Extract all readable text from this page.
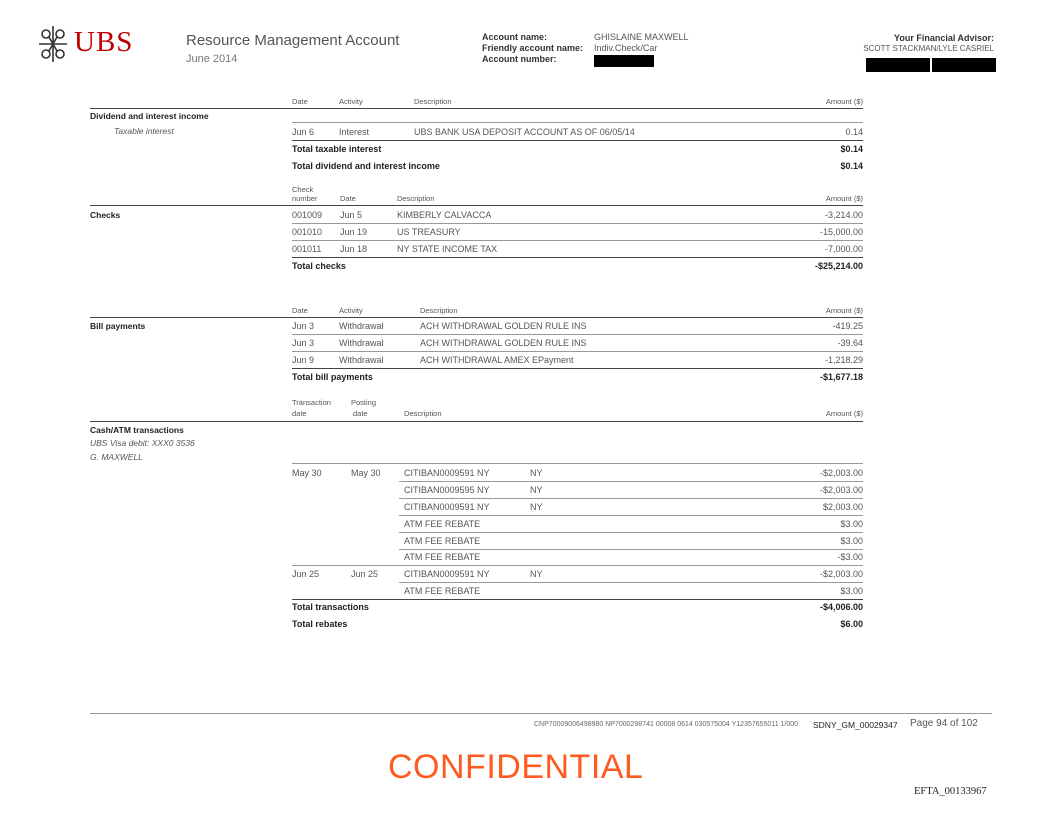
UBS	Resource Management Account
June 2014
Account name:
Friendly account name:
Account number:
GHISLAINE MAXWELL
Indiv.Check/Car
Your Financial Advisor:
SCOTT STACKMAN/LYLE CASRIEL
Date	Activity	Description	Amount ($)
Dividend and interest income
Taxable interest	Jun 6	Interest	UBS BANK USA DEPOSIT ACCOUNT AS OF 06/05/14	0.14
Total taxable interest	$0.14
Total dividend and interest income	$0.14
Check
number	Date	Description	Amount ($)
Checks	001009 Jun 5	KIMBERLY CALVACCA	-3,214.00
001010 Jun 19	US TREASURY	-15,000.00
001011 Jun 18	NY STATE INCOME TAX	-7,000.00
Total checks	-$25,214.00
Date	Activity	Description	Amount ($)
Bill payments	Jun 3	Withdrawal	ACH WITHDRAWAL GOLDEN RULE INS	-419.25
Jun 3	Withdrawal	ACH WITHDRAWAL GOLDEN RULE INS	-39.64
Jun 9	Withdrawal	ACH WITHDRAWAL AMEX EPayment	-1,218.29
Total bill payments	-$1,677.18
Transaction	Posting
date	date	Description	Amount ($)
Cash/ATM transactions
UBS Visa debit: XXX0 3536
G. MAXWELL
May 30	May 30	CITIBAN0009591 NY	NY	-$2,003.00
CITIBAN0009595 NY	NY	-$2,003.00
CITIBAN0009591 NY	NY	$2,003.00
ATM FEE REBATE	$3.00
ATM FEE REBATE	$3.00
ATM FEE REBATE	-$3.00
Jun 25	Jun 25	CITIBAN0009591 NY	NY	-$2,003.00
ATM FEE REBATE	$3.00
Total transactions	-$4,006.00
Total rebates	$6.00
CNP70009006498980 NP7000298741 00008 0614 030575004 Y12357655011 1/000	Page 94 of 102
SDNY_GM_00029347
CONFIDENTIAL
EFTA_00133967
